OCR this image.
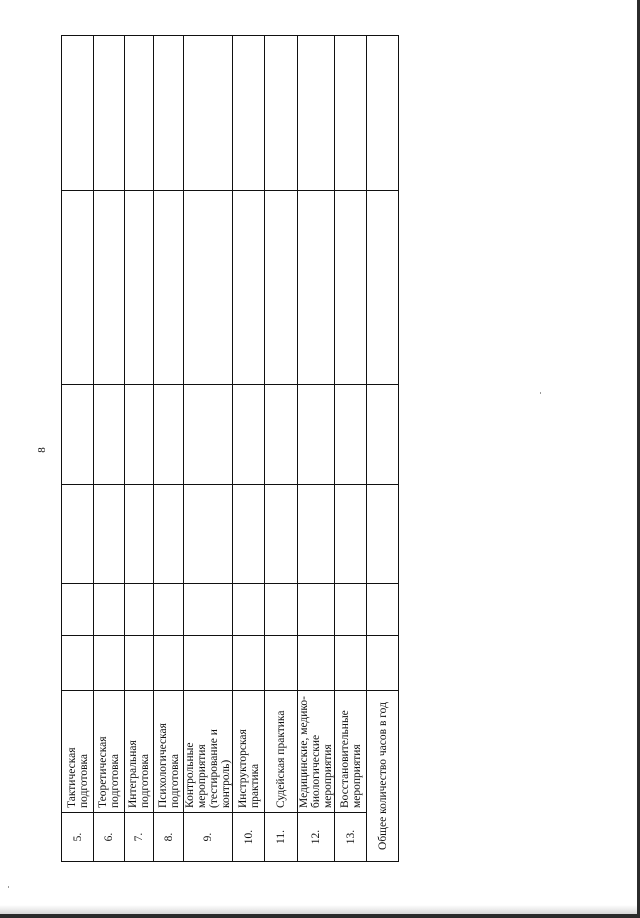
8
5.	Тактическая подготовка						
6.	Теоретическая подготовка						
7.	Интегральная подготовка						
8.	Психологическая подготовка						
9.	Контрольные мероприятия (тестирование и контроль)						
10.	Инструкторская практика						
11.	Судейская практика						
12.	Медицинские, медико-биологические мероприятия						
13.	Восстановительные мероприятия						
Общее количество часов в год							
